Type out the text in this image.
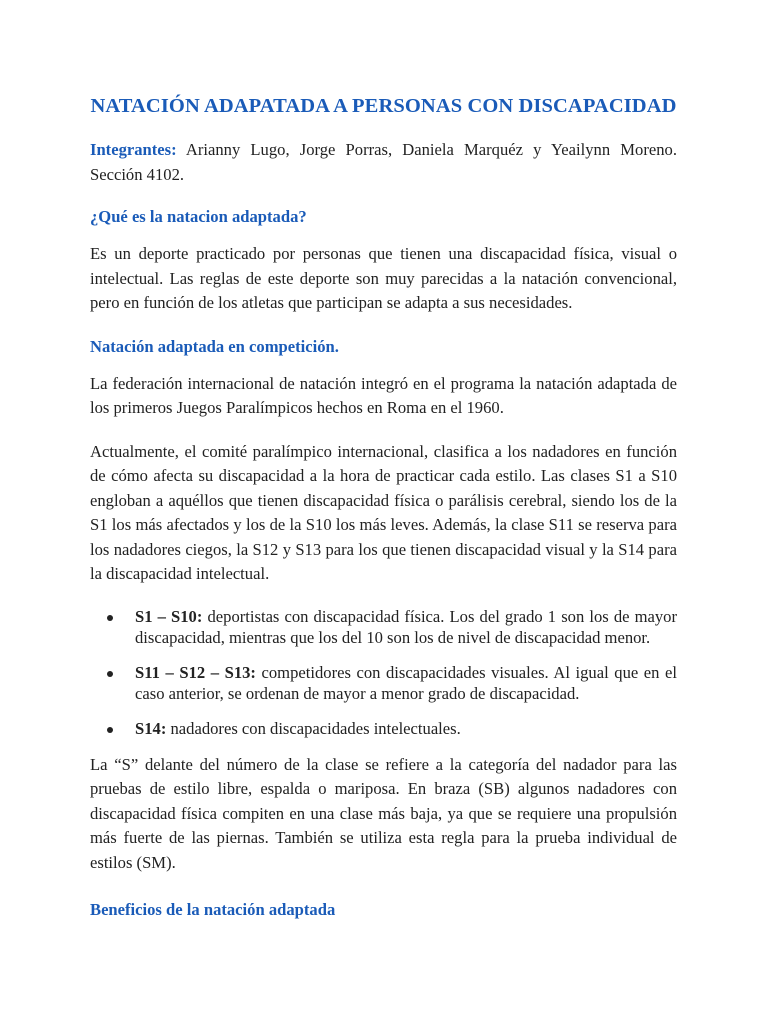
NATACIÓN ADAPATADA A PERSONAS CON DISCAPACIDAD

Integrantes: Arianny Lugo, Jorge Porras, Daniela Marquéz y Yeailynn Moreno. Sección 4102.

¿Qué es la natacion adaptada?

Es un deporte practicado por personas que tienen una discapacidad física, visual o intelectual. Las reglas de este deporte son muy parecidas a la natación convencional, pero en función de los atletas que participan se adapta a sus necesidades.

Natación adaptada en competición.

La federación internacional de natación integró en el programa la natación adaptada de los primeros Juegos Paralímpicos hechos en Roma en el 1960.

Actualmente, el comité paralímpico internacional, clasifica a los nadadores en función de cómo afecta su discapacidad a la hora de practicar cada estilo. Las clases S1 a S10 engloban a aquéllos que tienen discapacidad física o parálisis cerebral, siendo los de la S1 los más afectados y los de la S10 los más leves. Además, la clase S11 se reserva para los nadadores ciegos, la S12 y S13 para los que tienen discapacidad visual y la S14 para la discapacidad intelectual.

S1 – S10: deportistas con discapacidad física. Los del grado 1 son los de mayor discapacidad, mientras que los del 10 son los de nivel de discapacidad menor.
S11 – S12 – S13: competidores con discapacidades visuales. Al igual que en el caso anterior, se ordenan de mayor a menor grado de discapacidad.
S14: nadadores con discapacidades intelectuales.

La “S” delante del número de la clase se refiere a la categoría del nadador para las pruebas de estilo libre, espalda o mariposa. En braza (SB) algunos nadadores con discapacidad física compiten en una clase más baja, ya que se requiere una propulsión más fuerte de las piernas. También se utiliza esta regla para la prueba individual de estilos (SM).

Beneficios de la natación adaptada
